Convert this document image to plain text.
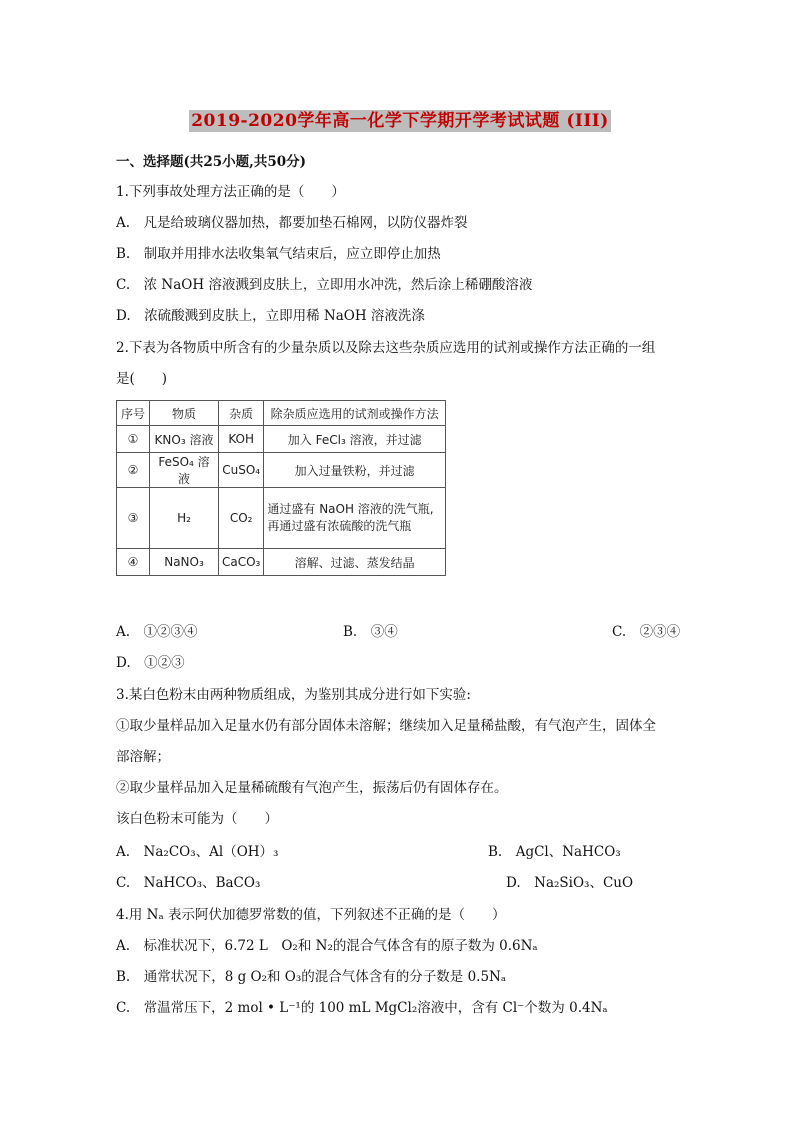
2019-2020学年高一化学下学期开学考试试题 (III)
一、选择题(共25小题,共50分)
1.下列事故处理方法正确的是（　　）
A.　凡是给玻璃仪器加热，都要加垫石棉网，以防仪器炸裂
B.　制取并用排水法收集氧气结束后，应立即停止加热
C.　浓 NaOH 溶液溅到皮肤上，立即用水冲洗，然后涂上稀硼酸溶液
D.　浓硫酸溅到皮肤上，立即用稀 NaOH 溶液洗涤
2.下表为各物质中所含有的少量杂质以及除去这些杂质应选用的试剂或操作方法正确的一组
是(　　)
序号	物质	杂质	除杂质应选用的试剂或操作方法
①	KNO₃ 溶液	KOH	加入 FeCl₃ 溶液，并过滤
②	FeSO₄ 溶液	CuSO₄	加入过量铁粉，并过滤
③	H₂	CO₂	通过盛有 NaOH 溶液的洗气瓶,再通过盛有浓硫酸的洗气瓶
④	NaNO₃	CaCO₃	溶解、过滤、蒸发结晶
A.　①②③④	B.　③④	C.　②③④
D.　①②③
3.某白色粉末由两种物质组成，为鉴别其成分进行如下实验:
①取少量样品加入足量水仍有部分固体未溶解；继续加入足量稀盐酸，有气泡产生，固体全
部溶解；
②取少量样品加入足量稀硫酸有气泡产生，振荡后仍有固体存在。
该白色粉末可能为（　　）
A.　Na₂CO₃、Al（OH）₃	B.　AgCl、NaHCO₃
C.　NaHCO₃、BaCO₃	D.　Na₂SiO₃、CuO
4.用 Nₐ 表示阿伏加德罗常数的值，下列叙述不正确的是（　　）
A.　标准状况下，6.72 L　O₂和 N₂的混合气体含有的原子数为 0.6Nₐ
B.　通常状况下，8 g O₂和 O₃的混合气体含有的分子数是 0.5Nₐ
C.　常温常压下，2 mol • L⁻¹的 100 mL MgCl₂溶液中，含有 Cl⁻个数为 0.4Nₐ
